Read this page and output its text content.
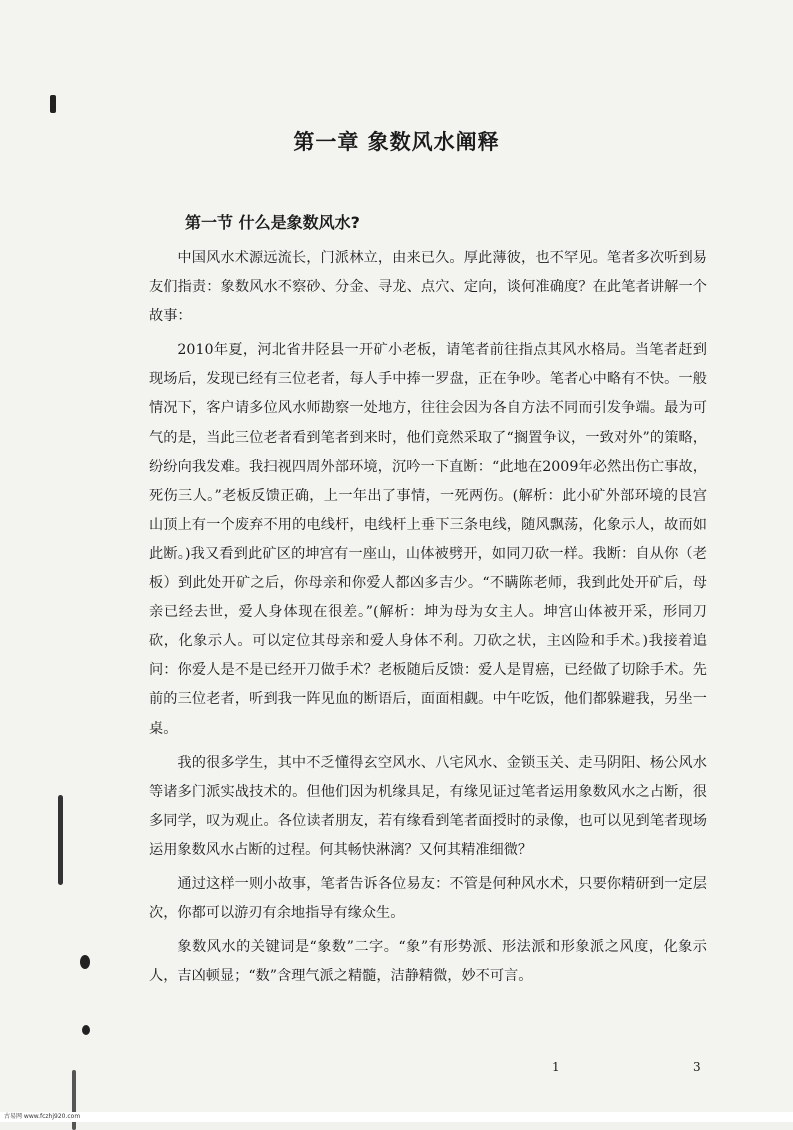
第一章 象数风水阐释
第一节 什么是象数风水?

中国风水术源远流长，门派林立，由来已久。厚此薄彼，也不罕见。笔者多次听到易友们指责：象数风水不察砂、分金、寻龙、点穴、定向，谈何准确度？在此笔者讲解一个故事：

2010年夏，河北省井陉县一开矿小老板，请笔者前往指点其风水格局。当笔者赶到现场后，发现已经有三位老者，每人手中捧一罗盘，正在争吵。笔者心中略有不快。一般情况下，客户请多位风水师勘察一处地方，往往会因为各自方法不同而引发争端。最为可气的是，当此三位老者看到笔者到来时，他们竟然采取了“搁置争议，一致对外”的策略，纷纷向我发难。我扫视四周外部环境，沉吟一下直断：“此地在2009年必然出伤亡事故，死伤三人。”老板反馈正确，上一年出了事情，一死两伤。(解析：此小矿外部环境的艮宫山顶上有一个废弃不用的电线杆，电线杆上垂下三条电线，随风飘荡，化象示人，故而如此断。)我又看到此矿区的坤宫有一座山，山体被劈开，如同刀砍一样。我断：自从你（老板）到此处开矿之后，你母亲和你爱人都凶多吉少。“不瞒陈老师，我到此处开矿后，母亲已经去世，爱人身体现在很差。”(解析：坤为母为女主人。坤宫山体被开采，形同刀砍，化象示人。可以定位其母亲和爱人身体不利。刀砍之状，主凶险和手术。)我接着追问：你爱人是不是已经开刀做手术？老板随后反馈：爱人是胃癌，已经做了切除手术。先前的三位老者，听到我一阵见血的断语后，面面相觑。中午吃饭，他们都躲避我，另坐一桌。

我的很多学生，其中不乏懂得玄空风水、八宅风水、金锁玉关、走马阴阳、杨公风水等诸多门派实战技术的。但他们因为机缘具足，有缘见证过笔者运用象数风水之占断，很多同学，叹为观止。各位读者朋友，若有缘看到笔者面授时的录像，也可以见到笔者现场运用象数风水占断的过程。何其畅快淋漓？又何其精准细微？

通过这样一则小故事，笔者告诉各位易友：不管是何种风水术，只要你精研到一定层次，你都可以游刃有余地指导有缘众生。

象数风水的关键词是“象数”二字。“象”有形势派、形法派和形象派之风度，化象示人，吉凶顿显；“数”含理气派之精髓，洁静精微，妙不可言。

1	3
古易网 www.fczhj920.com
